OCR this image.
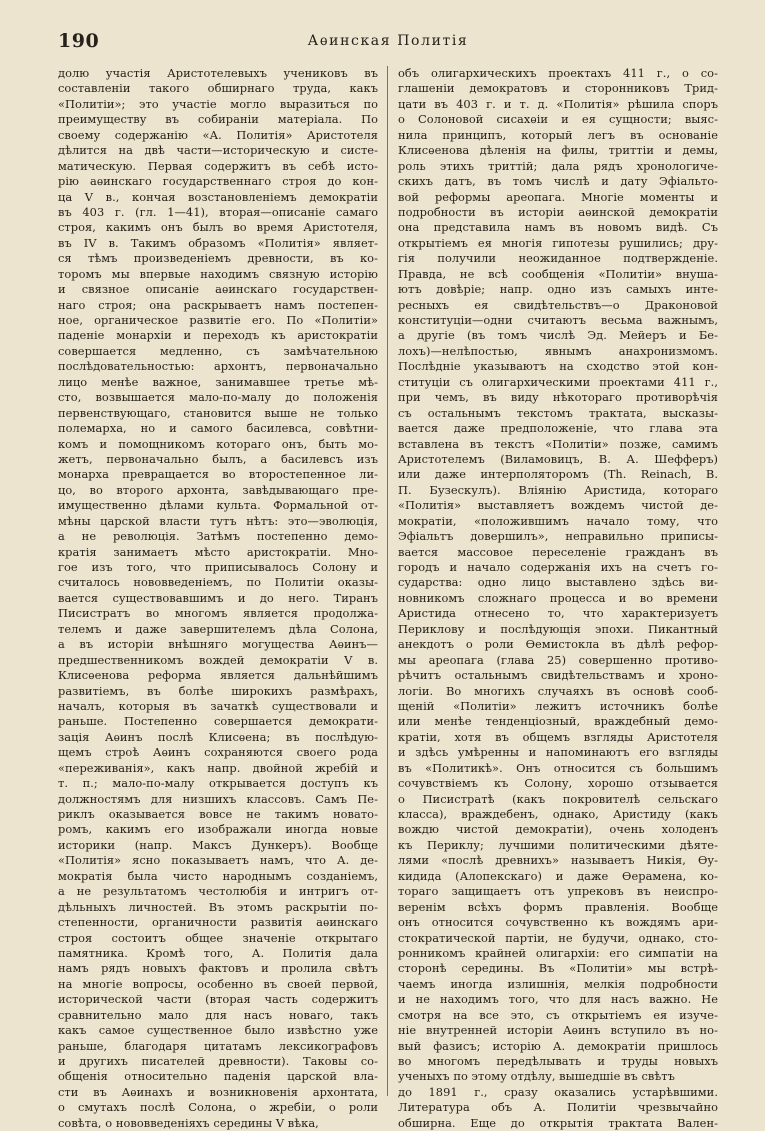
190	Аѳинская Политія
долю участія Аристотелевыхъ учениковъ въ
составленіи такого обширнаго труда, какъ
«Политіи»; это участіе могло выразиться по
преимуществу въ собираніи матеріала. По
своему содержанію «А. Политія» Аристотеля
дѣлится на двѣ части—историческую и систе-
матическую. Первая содержитъ въ себѣ исто-
рію аѳинскаго государственнаго строя до кон-
ца V в., кончая возстановленіемъ демократіи
въ 403 г. (гл. 1—41), вторая—описаніе самаго
строя, какимъ онъ былъ во время Аристотеля,
въ IV в. Такимъ образомъ «Политія» являет-
ся тѣмъ произведеніемъ древности, въ ко-
торомъ мы впервые находимъ связную исторію
и связное описаніе аѳинскаго государствен-
наго строя; она раскрываетъ намъ постепен-
ное, органическое развитіе его. По «Политіи»
паденіе монархіи и переходъ къ аристократіи
совершается медленно, съ замѣчательною
послѣдовательностью: архонтъ, первоначально
лицо менѣе важное, занимавшее третье мѣ-
сто, возвышается мало-по-малу до положенія
первенствующаго, становится выше не только
полемарха, но и самого басилевса, совѣтни-
комъ и помощникомъ котораго онъ, быть мо-
жетъ, первоначально былъ, а басилевсъ изъ
монарха превращается во второстепенное ли-
цо, во второго архонта, завѣдывающаго пре-
имущественно дѣлами культа. Формальной от-
мѣны царской власти тутъ нѣтъ: это—эволюція,
а не революція. Затѣмъ постепенно демо-
кратія занимаетъ мѣсто аристократіи. Мно-
гое изъ того, что приписывалось Солону и
считалось нововведеніемъ, по Политіи оказы-
вается существовавшимъ и до него. Тиранъ
Писистратъ во многомъ является продолжа-
телемъ и даже завершителемъ дѣла Солона,
а въ исторіи внѣшняго могущества Аѳинъ—
предшественникомъ вождей демократіи V в.
Клисѳенова реформа является дальнѣйшимъ
развитіемъ, въ болѣе широкихъ размѣрахъ,
началъ, которыя въ зачаткѣ существовали и
раньше. Постепенно совершается демократи-
зація Аѳинъ послѣ Клисѳена; въ послѣдую-
щемъ строѣ Аѳинъ сохраняются своего рода
«переживанія», какъ напр. двойной жребій и
т. п.; мало-по-малу открывается доступъ къ
должностямъ для низшихъ классовъ. Самъ Пе-
риклъ оказывается вовсе не такимъ новато-
ромъ, какимъ его изображали иногда новые
историки (напр. Максъ Дункеръ). Вообще
«Политія» ясно показываетъ намъ, что А. де-
мократія была чисто народнымъ созданіемъ,
а не результатомъ честолюбія и интригъ от-
дѣльныхъ личностей. Въ этомъ раскрытіи по-
степенности, органичности развитія аѳинскаго
строя состоитъ общее значеніе открытаго
памятника. Кромѣ того, А. Политія дала
намъ рядъ новыхъ фактовъ и пролила свѣтъ
на многіе вопросы, особенно въ своей первой,
исторической части (вторая часть содержитъ
сравнительно мало для насъ новаго, такъ
какъ самое существенное было извѣстно уже
раньше, благодаря цитатамъ лексикографовъ
и другихъ писателей древности). Таковы со-
общенія относительно паденія царской вла-
сти въ Аѳинахъ и возникновенія архонтата,
о смутахъ послѣ Солона, о жребіи, о роли
совѣта, о нововведеніяхъ середины V вѣка,
объ олигархическихъ проектахъ 411 г., о со-
глашеніи демократовъ и сторонниковъ Трид-
цати въ 403 г. и т. д. «Политія» рѣшила споръ
о Солоновой сисахѳіи и ея сущности; выяс-
нила принципъ, который легъ въ основаніе
Клисѳенова дѣленія на филы, триттіи и демы,
роль этихъ триттій; дала рядъ хронологиче-
скихъ датъ, въ томъ числѣ и дату Эфіальто-
вой реформы ареопага. Многіе моменты и
подробности въ исторіи аѳинской демократіи
она представила намъ въ новомъ видѣ. Съ
открытіемъ ея многія гипотезы рушились; дру-
гія получили неожиданное подтвержденіе.
Правда, не всѣ сообщенія «Политіи» внуша-
ютъ довѣріе; напр. одно изъ самыхъ инте-
ресныхъ ея свидѣтельствъ—о Драконовой
конституціи—одни считаютъ весьма важнымъ,
а другіе (въ томъ числѣ Эд. Мейеръ и Бе-
лохъ)—нелѣпостью, явнымъ анахронизмомъ.
Послѣдніе указываютъ на сходство этой кон-
ституціи съ олигархическими проектами 411 г.,
при чемъ, въ виду нѣкотораго противорѣчія
съ остальнымъ текстомъ трактата, высказы-
вается даже предположеніе, что глава эта
вставлена въ текстъ «Политіи» позже, самимъ
Аристотелемъ (Виламовицъ, В. А. Шефферъ)
или даже интерполяторомъ (Th. Reinach, В.
П. Бузескулъ). Вліянію Аристида, котораго
«Политія» выставляетъ вождемъ чистой де-
мократіи, «положившимъ начало тому, что
Эфіальтъ довершилъ», неправильно приписы-
вается массовое переселеніе гражданъ въ
городъ и начало содержанія ихъ на счетъ го-
сударства: одно лицо выставлено здѣсь ви-
новникомъ сложнаго процесса и во времени
Аристида отнесено то, что характеризуетъ
Периклову и послѣдующія эпохи. Пикантный
анекдотъ о роли Ѳемистокла въ дѣлѣ рефор-
мы ареопага (глава 25) совершенно противо-
рѣчитъ остальнымъ свидѣтельствамъ и хроно-
логіи. Во многихъ случаяхъ въ основѣ сооб-
щеній «Политіи» лежитъ источникъ болѣе
или менѣе тенденціозный, враждебный демо-
кратіи, хотя въ общемъ взгляды Аристотеля
и здѣсь умѣренны и напоминаютъ его взгляды
въ «Политикѣ». Онъ относится съ большимъ
сочувствіемъ къ Солону, хорошо отзывается
о Писистратѣ (какъ покровителѣ сельскаго
класса), враждебенъ, однако, Аристиду (какъ
вождю чистой демократіи), очень холоденъ
къ Периклу; лучшими политическими дѣяте-
лями «послѣ древнихъ» называетъ Никія, Ѳу-
кидида (Алопекскаго) и даже Ѳерамена, ко-
тораго защищаетъ отъ упрековъ въ неиспро-
веренім всѣхъ формъ правленія. Вообще
онъ относится сочувственно къ вождямъ ари-
стократической партіи, не будучи, однако, сто-
ронникомъ крайней олигархіи: его симпатіи на
сторонѣ середины. Въ «Политіи» мы встрѣ-
чаемъ иногда излишнія, мелкія подробности
и не находимъ того, что для насъ важно. Не
смотря на все это, съ открытіемъ ея изуче-
ніе внутренней исторіи Аѳинъ вступило въ но-
вый фазисъ; исторію А. демократіи пришлось
во многомъ передѣлывать и труды новыхъ
ученыхъ по этому отдѣлу, вышедшіе въ свѣтъ
до 1891 г., сразу оказались устарѣвшими.
Литература объ А. Политіи чрезвычайно
обширна. Еще до открытія трактата Вален-
